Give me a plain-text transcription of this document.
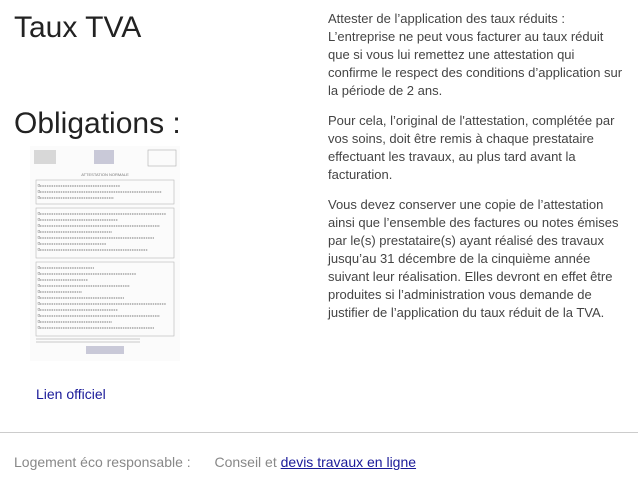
Taux TVA
Obligations :

Attester de l’application des taux réduits : L’entreprise ne peut vous facturer au taux réduit que si vous lui remettez une attestation qui confirme le respect des conditions d’application sur la période de 2 ans.

Pour cela, l’original de l'attestation, complétée par vos soins, doit être remis à chaque prestataire effectuant les travaux, au plus tard avant la facturation.

Vous devez conserver une copie de l’attestation ainsi que l’ensemble des factures ou notes émises par le(s) prestataire(s) ayant réalisé des travaux jusqu’au 31 décembre de la cinquième année suivant leur réalisation. Elles devront en effet être produites si l’administration vous demande de justifier de l’application du taux réduit de la TVA.

ATTESTATION NORMALE
Lien officiel
Logement éco responsable : Conseil et devis travaux en ligne
